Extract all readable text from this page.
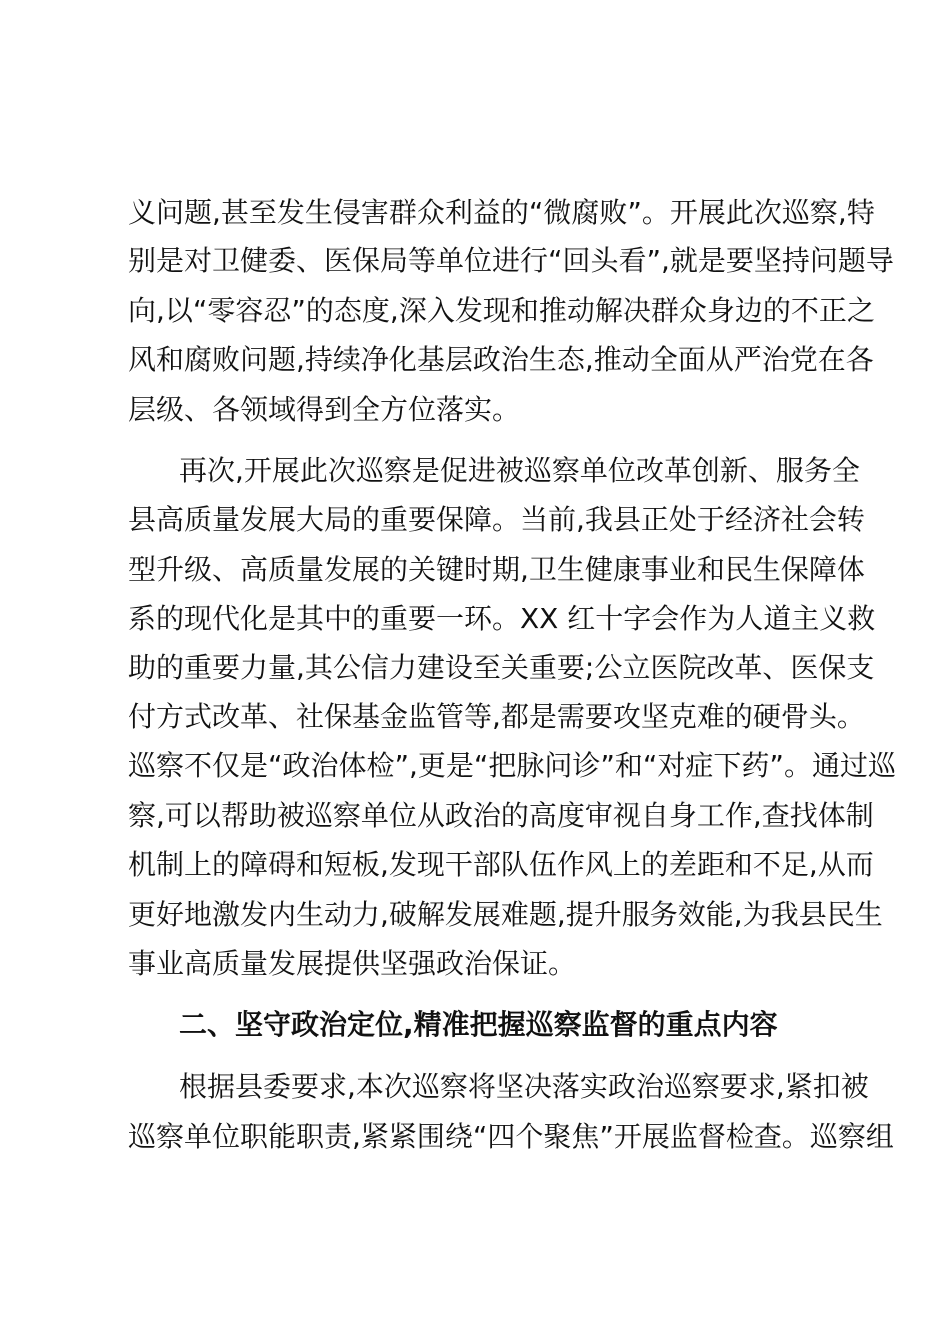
义问题,甚至发生侵害群众利益的“微腐败”。开展此次巡察,特
别是对卫健委、医保局等单位进行“回头看”,就是要坚持问题导
向,以“零容忍”的态度,深入发现和推动解决群众身边的不正之
风和腐败问题,持续净化基层政治生态,推动全面从严治党在各
层级、各领域得到全方位落实。
再次,开展此次巡察是促进被巡察单位改革创新、服务全
县高质量发展大局的重要保障。当前,我县正处于经济社会转
型升级、高质量发展的关键时期,卫生健康事业和民生保障体
系的现代化是其中的重要一环。XX 红十字会作为人道主义救
助的重要力量,其公信力建设至关重要;公立医院改革、医保支
付方式改革、社保基金监管等,都是需要攻坚克难的硬骨头。
巡察不仅是“政治体检”,更是“把脉问诊”和“对症下药”。通过巡
察,可以帮助被巡察单位从政治的高度审视自身工作,查找体制
机制上的障碍和短板,发现干部队伍作风上的差距和不足,从而
更好地激发内生动力,破解发展难题,提升服务效能,为我县民生
事业高质量发展提供坚强政治保证。
二、坚守政治定位,精准把握巡察监督的重点内容
根据县委要求,本次巡察将坚决落实政治巡察要求,紧扣被
巡察单位职能职责,紧紧围绕“四个聚焦”开展监督检查。巡察组
